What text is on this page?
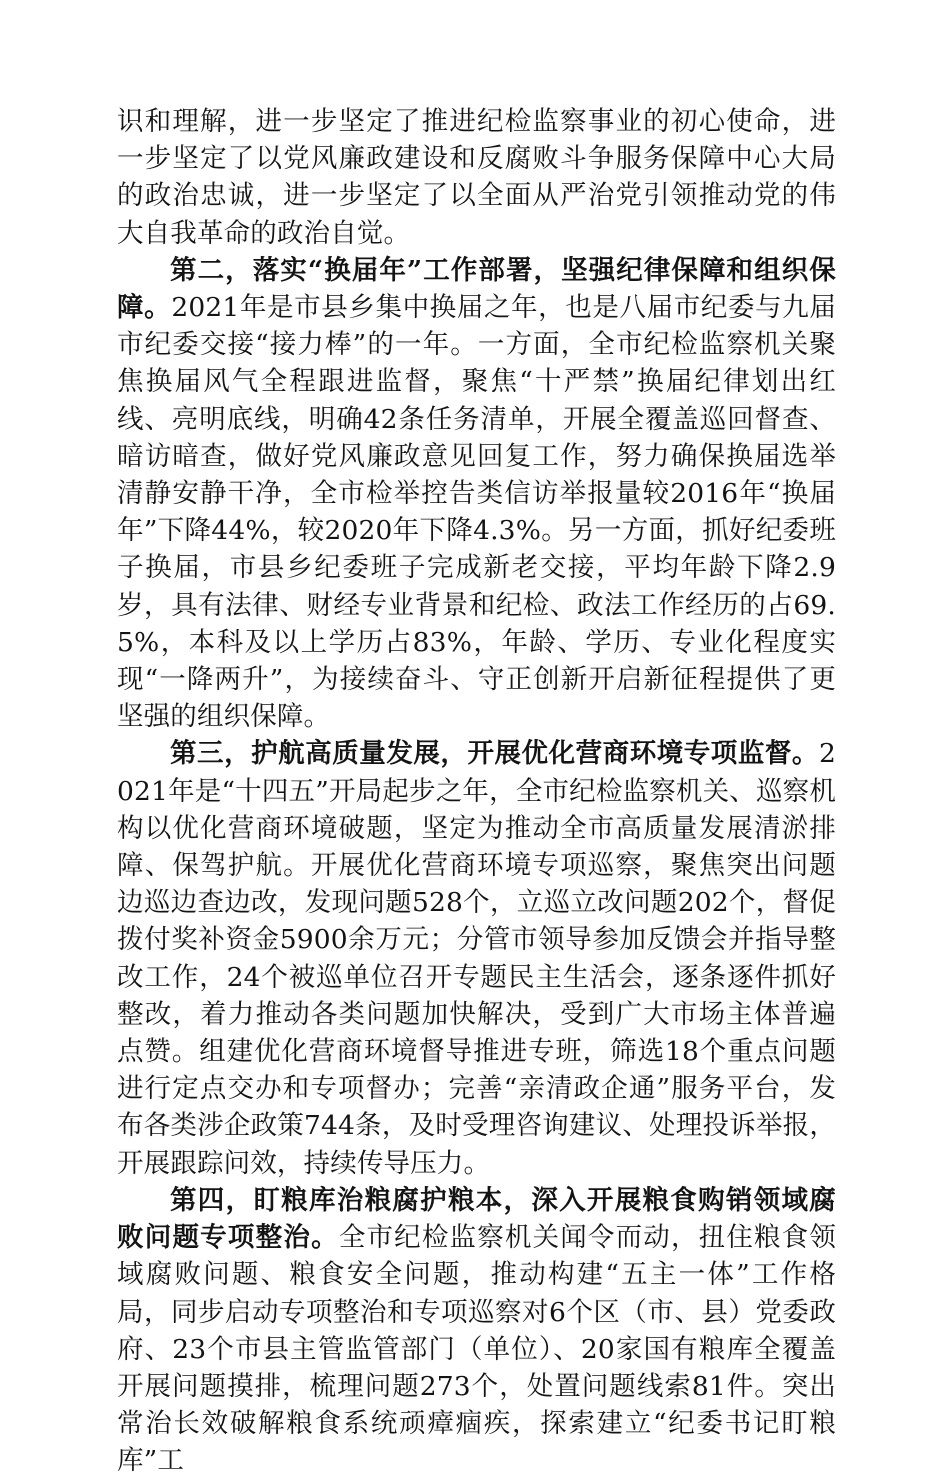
识和理解，进一步坚定了推进纪检监察事业的初心使命，进一步坚定了以党风廉政建设和反腐败斗争服务保障中心大局的政治忠诚，进一步坚定了以全面从严治党引领推动党的伟大自我革命的政治自觉。

第二，落实“换届年”工作部署，坚强纪律保障和组织保障。2021年是市县乡集中换届之年，也是八届市纪委与九届市纪委交接“接力棒”的一年。一方面，全市纪检监察机关聚焦换届风气全程跟进监督，聚焦“十严禁”换届纪律划出红线、亮明底线，明确42条任务清单，开展全覆盖巡回督查、暗访暗查，做好党风廉政意见回复工作，努力确保换届选举清静安静干净，全市检举控告类信访举报量较2016年“换届年”下降44%，较2020年下降4.3%。另一方面，抓好纪委班子换届，市县乡纪委班子完成新老交接，平均年龄下降2.9岁，具有法律、财经专业背景和纪检、政法工作经历的占69.5%，本科及以上学历占83%，年龄、学历、专业化程度实现“一降两升”，为接续奋斗、守正创新开启新征程提供了更坚强的组织保障。

第三，护航高质量发展，开展优化营商环境专项监督。2021年是“十四五”开局起步之年，全市纪检监察机关、巡察机构以优化营商环境破题，坚定为推动全市高质量发展清淤排障、保驾护航。开展优化营商环境专项巡察，聚焦突出问题边巡边查边改，发现问题528个，立巡立改问题202个，督促拨付奖补资金5900余万元；分管市领导参加反馈会并指导整改工作，24个被巡单位召开专题民主生活会，逐条逐件抓好整改，着力推动各类问题加快解决，受到广大市场主体普遍点赞。组建优化营商环境督导推进专班，筛选18个重点问题进行定点交办和专项督办；完善“亲清政企通”服务平台，发布各类涉企政策744条，及时受理咨询建议、处理投诉举报，开展跟踪问效，持续传导压力。

第四，盯粮库治粮腐护粮本，深入开展粮食购销领域腐败问题专项整治。全市纪检监察机关闻令而动，扭住粮食领域腐败问题、粮食安全问题，推动构建“五主一体”工作格局，同步启动专项整治和专项巡察对6个区（市、县）党委政府、23个市县主管监管部门（单位）、20家国有粮库全覆盖开展问题摸排，梳理问题273个，处置问题线索81件。突出常治长效破解粮食系统顽瘴痼疾，探索建立“纪委书记盯粮库”工
